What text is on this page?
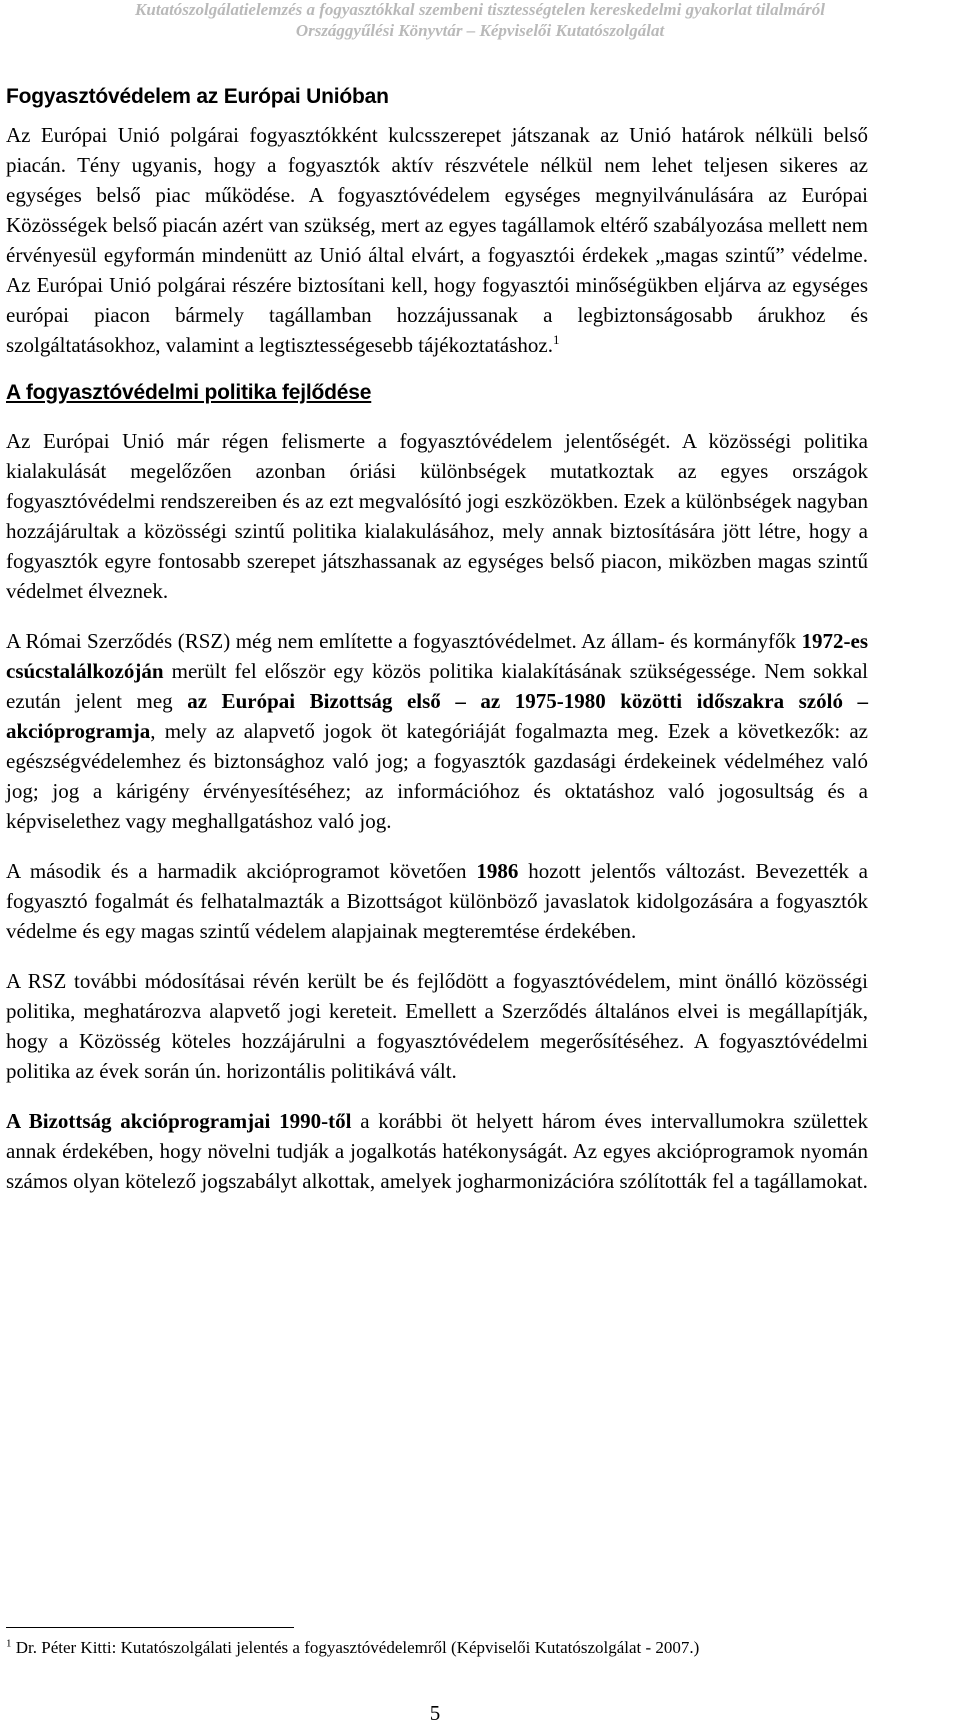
Kutatószolgálatielemzés a fogyasztókkal szembeni tisztességtelen kereskedelmi gyakorlat tilalmáról
Országgyűlési Könyvtár – Képviselői Kutatószolgálat
Fogyasztóvédelem az Európai Unióban

Az Európai Unió polgárai fogyasztókként kulcsszerepet játszanak az Unió határok nélküli belső piacán. Tény ugyanis, hogy a fogyasztók aktív részvétele nélkül nem lehet teljesen sikeres az egységes belső piac működése. A fogyasztóvédelem egységes megnyilvánulására az Európai Közösségek belső piacán azért van szükség, mert az egyes tagállamok eltérő szabályozása mellett nem érvényesül egyformán mindenütt az Unió által elvárt, a fogyasztói érdekek „magas szintű” védelme. Az Európai Unió polgárai részére biztosítani kell, hogy fogyasztói minőségükben eljárva az egységes európai piacon bármely tagállamban hozzájussanak a legbiztonságosabb árukhoz és szolgáltatásokhoz, valamint a legtisztességesebb tájékoztatáshoz.$^1$

A fogyasztóvédelmi politika fejlődése

Az Európai Unió már régen felismerte a fogyasztóvédelem jelentőségét. A közösségi politika kialakulását megelőzően azonban óriási különbségek mutatkoztak az egyes országok fogyasztóvédelmi rendszereiben és az ezt megvalósító jogi eszközökben. Ezek a különbségek nagyban hozzájárultak a közösségi szintű politika kialakulásához, mely annak biztosítására jött létre, hogy a fogyasztók egyre fontosabb szerepet játszhassanak az egységes belső piacon, miközben magas szintű védelmet élveznek.

A Római Szerződés (RSZ) még nem említette a fogyasztóvédelmet. Az állam- és kormányfők 1972-es csúcstalálkozóján merült fel először egy közös politika kialakításának szükségessége. Nem sokkal ezután jelent meg az Európai Bizottság első – az 1975-1980 közötti időszakra szóló – akcióprogramja, mely az alapvető jogok öt kategóriáját fogalmazta meg. Ezek a következők: az egészségvédelemhez és biztonsághoz való jog; a fogyasztók gazdasági érdekeinek védelméhez való jog; jog a kárigény érvényesítéséhez; az információhoz és oktatáshoz való jogosultság és a képviselethez vagy meghallgatáshoz való jog.

A második és a harmadik akcióprogramot követően 1986 hozott jelentős változást. Bevezették a fogyasztó fogalmát és felhatalmazták a Bizottságot különböző javaslatok kidolgozására a fogyasztók védelme és egy magas szintű védelem alapjainak megteremtése érdekében.

A RSZ további módosításai révén került be és fejlődött a fogyasztóvédelem, mint önálló közösségi politika, meghatározva alapvető jogi kereteit. Emellett a Szerződés általános elvei is megállapítják, hogy a Közösség köteles hozzájárulni a fogyasztóvédelem megerősítéséhez. A fogyasztóvédelmi politika az évek során ún. horizontális politikává vált.

A Bizottság akcióprogramjai 1990-től a korábbi öt helyett három éves intervallumokra születtek annak érdekében, hogy növelni tudják a jogalkotás hatékonyságát. Az egyes akcióprogramok nyomán számos olyan kötelező jogszabályt alkottak, amelyek jogharmonizációra szólították fel a tagállamokat.

$^1$ Dr. Péter Kitti: Kutatószolgálati jelentés a fogyasztóvédelemről (Képviselői Kutatószolgálat - 2007.)
5
